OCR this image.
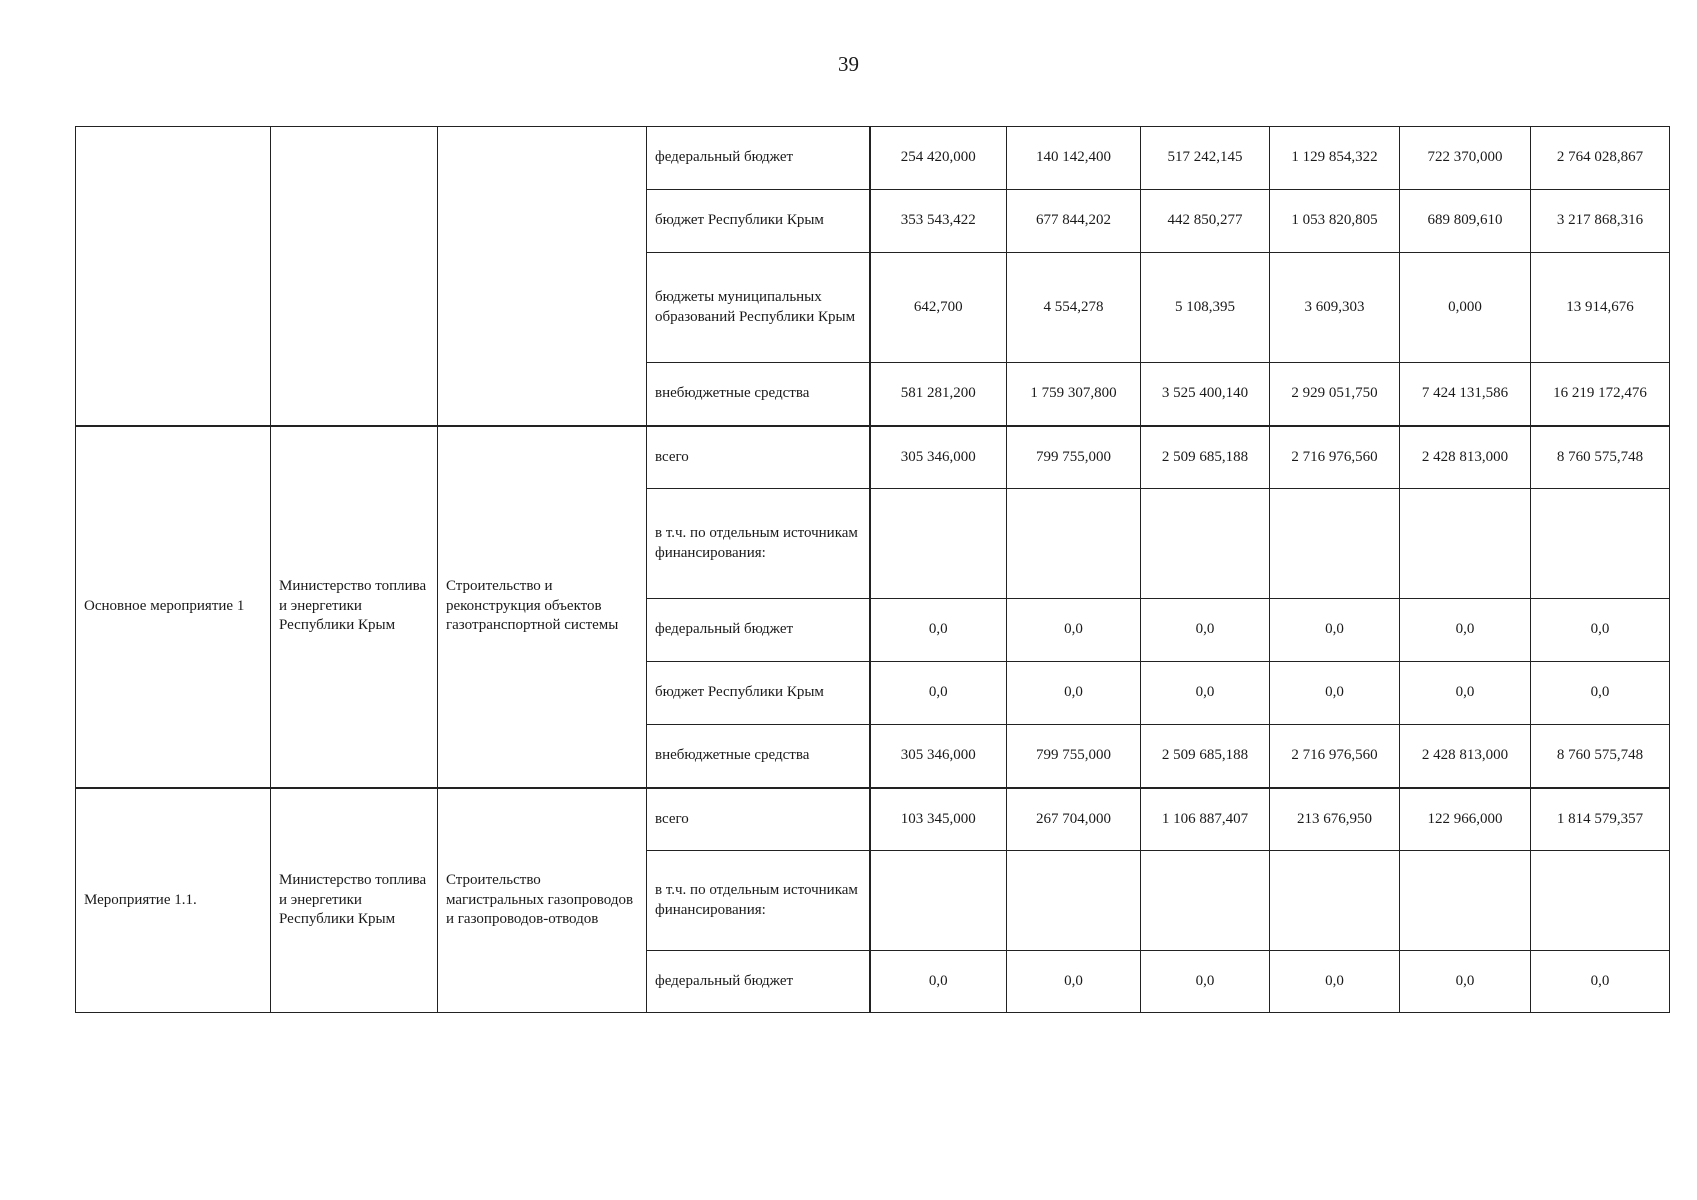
39
			федеральный бюджет	254 420,000	140 142,400	517 242,145	1 129 854,322	722 370,000	2 764 028,867
			бюджет Республики Крым	353 543,422	677 844,202	442 850,277	1 053 820,805	689 809,610	3 217 868,316
			бюджеты муниципальных образований Республики Крым	642,700	4 554,278	5 108,395	3 609,303	0,000	13 914,676
			внебюджетные средства	581 281,200	1 759 307,800	3 525 400,140	2 929 051,750	7 424 131,586	16 219 172,476
Основное мероприятие 1	Министерство топлива и энергетики Республики Крым	Строительство и реконструкция объектов газотранспортной системы	всего	305 346,000	799 755,000	2 509 685,188	2 716 976,560	2 428 813,000	8 760 575,748
			в т.ч. по отдельным источникам финансирования:						
			федеральный бюджет	0,0	0,0	0,0	0,0	0,0	0,0
			бюджет Республики Крым	0,0	0,0	0,0	0,0	0,0	0,0
			внебюджетные средства	305 346,000	799 755,000	2 509 685,188	2 716 976,560	2 428 813,000	8 760 575,748
Мероприятие 1.1.	Министерство топлива и энергетики Республики Крым	Строительство магистральных газопроводов и газопроводов-отводов	всего	103 345,000	267 704,000	1 106 887,407	213 676,950	122 966,000	1 814 579,357
			в т.ч. по отдельным источникам финансирования:						
			федеральный бюджет	0,0	0,0	0,0	0,0	0,0	0,0
